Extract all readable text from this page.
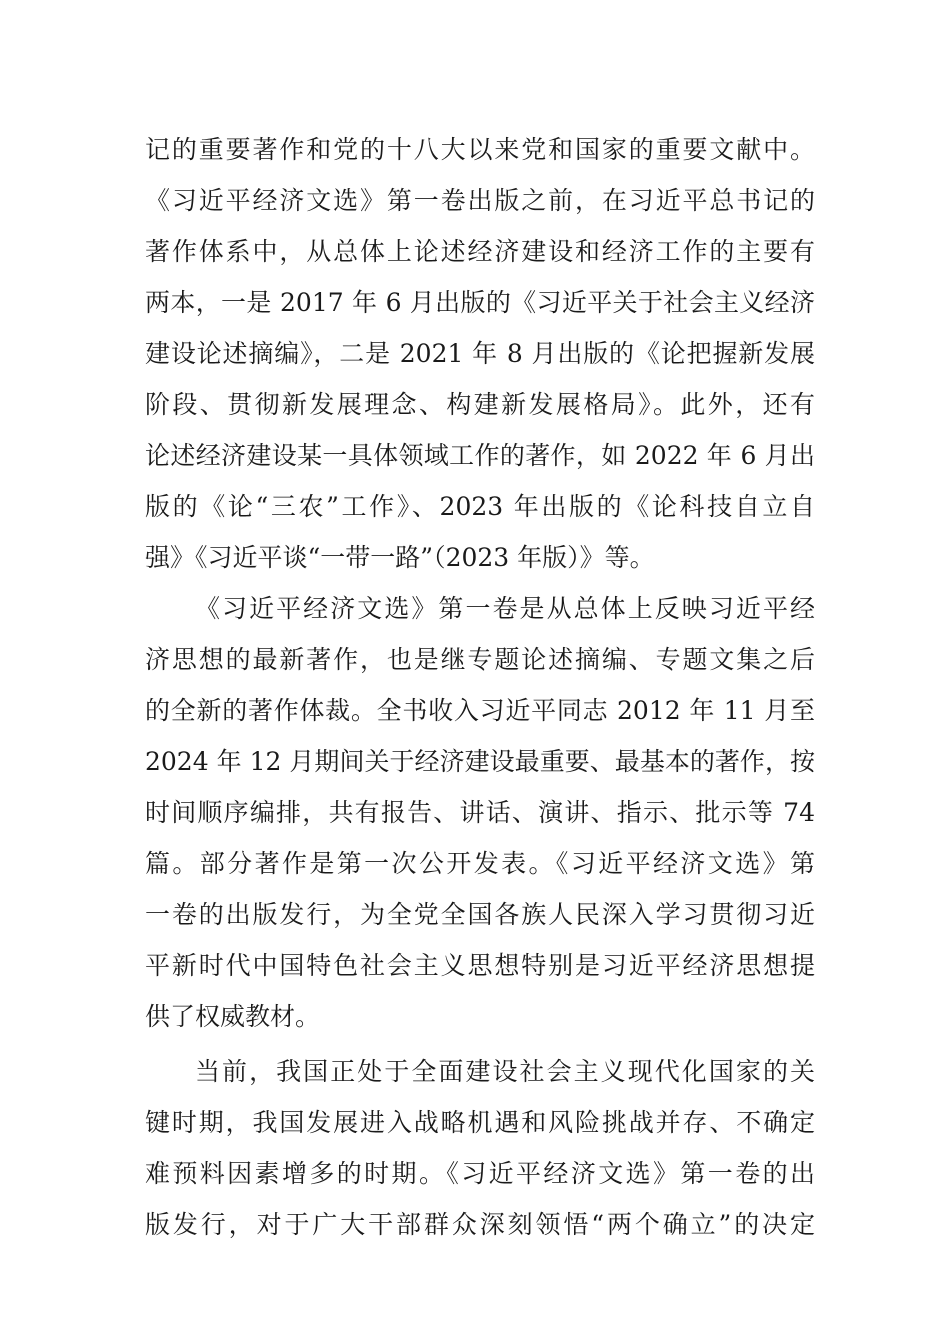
记的重要著作和党的十八大以来党和国家的重要文献中。
《习近平经济文选》第一卷出版之前，在习近平总书记的
著作体系中，从总体上论述经济建设和经济工作的主要有
两本，一是 2017 年 6 月出版的《习近平关于社会主义经济
建设论述摘编》，二是 2021 年 8 月出版的《论把握新发展
阶段、贯彻新发展理念、构建新发展格局》。此外，还有
论述经济建设某一具体领域工作的著作，如 2022 年 6 月出
版的《论“三农”工作》、2023 年出版的《论科技自立自
强》《习近平谈“一带一路”（2023 年版）》等。
《习近平经济文选》第一卷是从总体上反映习近平经
济思想的最新著作，也是继专题论述摘编、专题文集之后
的全新的著作体裁。全书收入习近平同志 2012 年 11 月至
2024 年 12 月期间关于经济建设最重要、最基本的著作，按
时间顺序编排，共有报告、讲话、演讲、指示、批示等 74
篇。部分著作是第一次公开发表。《习近平经济文选》第
一卷的出版发行，为全党全国各族人民深入学习贯彻习近
平新时代中国特色社会主义思想特别是习近平经济思想提
供了权威教材。
当前，我国正处于全面建设社会主义现代化国家的关
键时期，我国发展进入战略机遇和风险挑战并存、不确定
难预料因素增多的时期。《习近平经济文选》第一卷的出
版发行，对于广大干部群众深刻领悟“两个确立”的决定
